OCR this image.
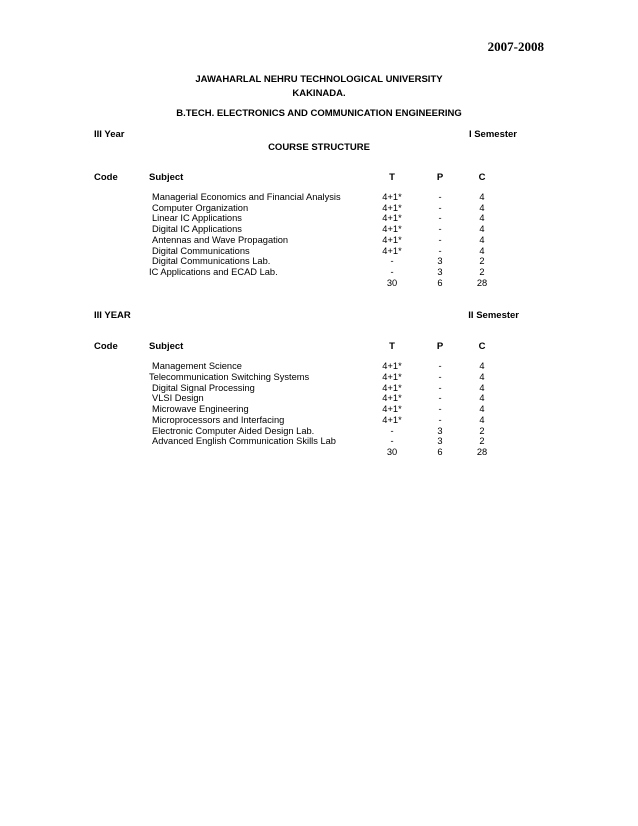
2007-2008
JAWAHARLAL NEHRU TECHNOLOGICAL UNIVERSITY
KAKINADA.
B.TECH. ELECTRONICS AND COMMUNICATION ENGINEERING
III Year	I Semester
COURSE STRUCTURE
Code	Subject	T	P	C
Managerial Economics and Financial Analysis	4+1*	-	4
Computer Organization	4+1*	-	4
Linear IC Applications	4+1*	-	4
Digital IC Applications	4+1*	-	4
Antennas and Wave Propagation	4+1*	-	4
Digital Communications	4+1*	-	4
Digital Communications Lab.	-	3	2
IC Applications and ECAD Lab.	-	3	2
30	6	28
III YEAR	II Semester
Code	Subject	T	P	C
Management Science	4+1*	-	4
Telecommunication Switching Systems	4+1*	-	4
Digital Signal Processing	4+1*	-	4
VLSI Design	4+1*	-	4
Microwave Engineering	4+1*	-	4
Microprocessors and Interfacing	4+1*	-	4
Electronic Computer Aided Design Lab.	-	3	2
Advanced English Communication Skills Lab	-	3	2
30	6	28
